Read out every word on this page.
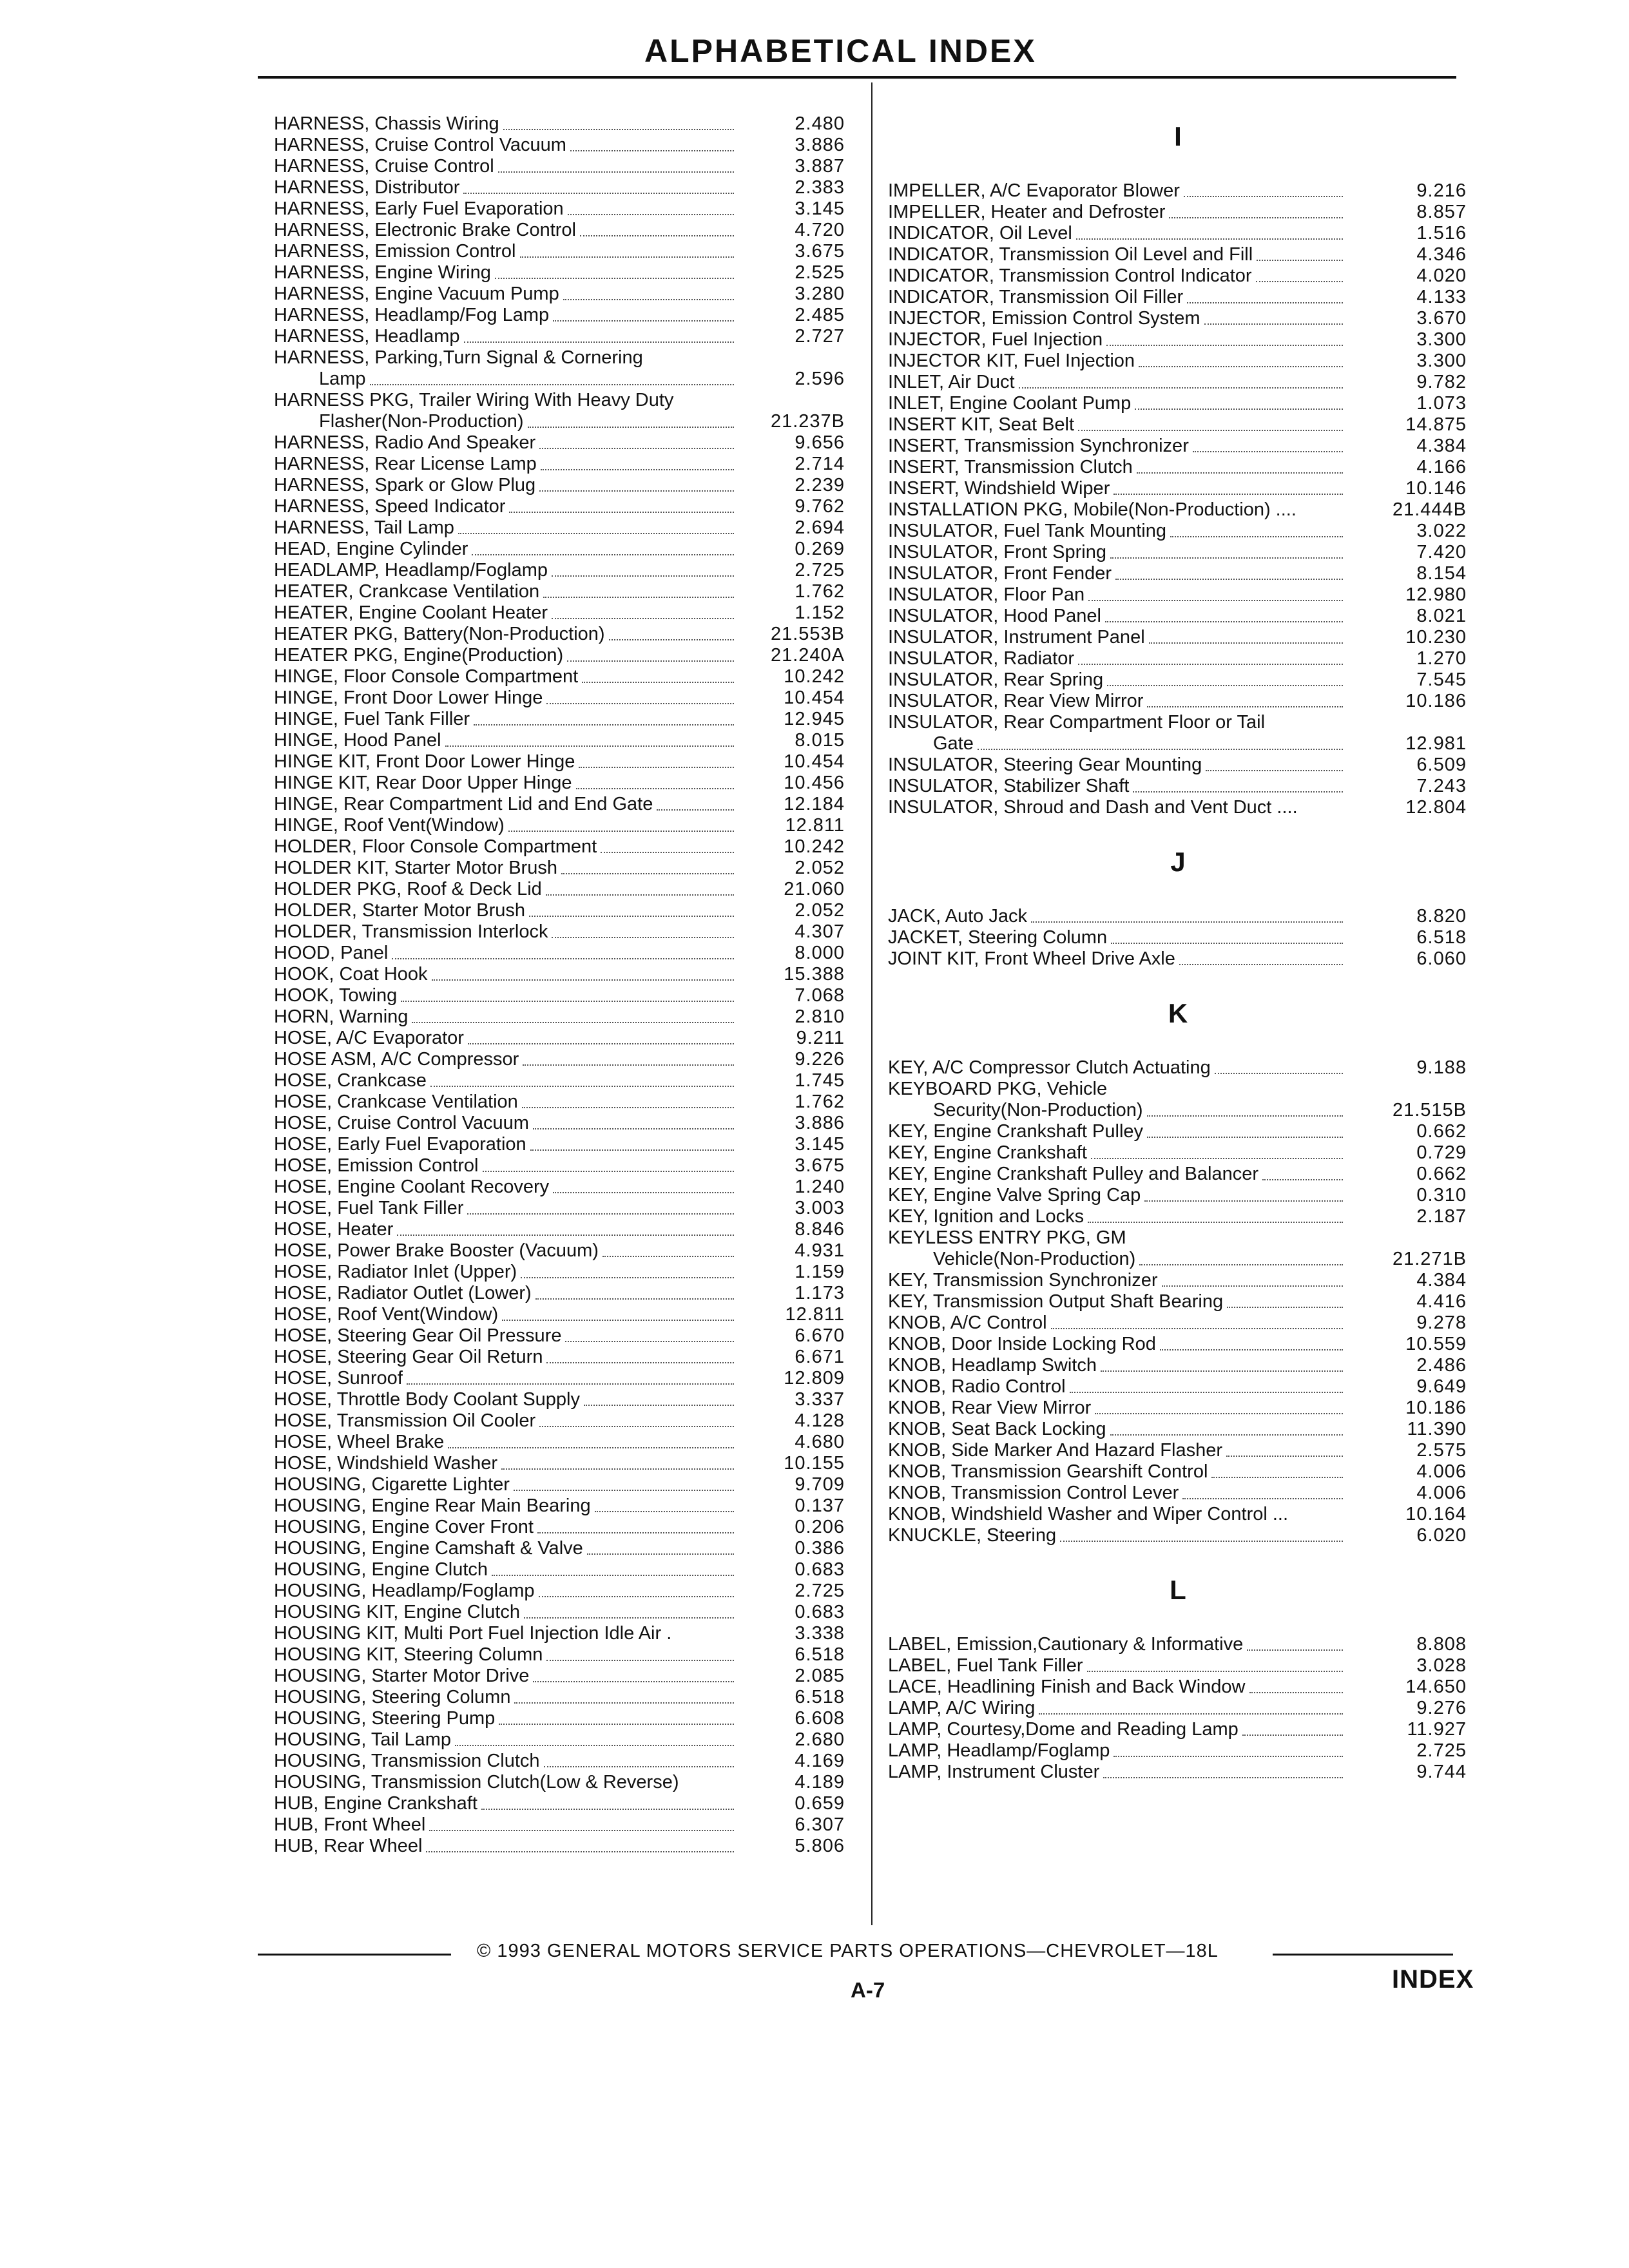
ALPHABETICAL INDEX
HARNESS, Chassis Wiring	2.480
HARNESS, Cruise Control Vacuum	3.886
HARNESS, Cruise Control	3.887
HARNESS, Distributor	2.383
HARNESS, Early Fuel Evaporation	3.145
HARNESS, Electronic Brake Control	4.720
HARNESS, Emission Control	3.675
HARNESS, Engine Wiring	2.525
HARNESS, Engine Vacuum Pump	3.280
HARNESS, Headlamp/Fog Lamp	2.485
HARNESS, Headlamp	2.727
HARNESS, Parking,Turn Signal & Cornering
Lamp	2.596
HARNESS PKG, Trailer Wiring With Heavy Duty
Flasher(Non-Production)	21.237B
HARNESS, Radio And Speaker	9.656
HARNESS, Rear License Lamp	2.714
HARNESS, Spark or Glow Plug	2.239
HARNESS, Speed Indicator	9.762
HARNESS, Tail Lamp	2.694
HEAD, Engine Cylinder	0.269
HEADLAMP, Headlamp/Foglamp	2.725
HEATER, Crankcase Ventilation	1.762
HEATER, Engine Coolant Heater	1.152
HEATER PKG, Battery(Non-Production)	21.553B
HEATER PKG, Engine(Production)	21.240A
HINGE, Floor Console Compartment	10.242
HINGE, Front Door Lower Hinge	10.454
HINGE, Fuel Tank Filler	12.945
HINGE, Hood Panel	8.015
HINGE KIT, Front Door Lower Hinge	10.454
HINGE KIT, Rear Door Upper Hinge	10.456
HINGE, Rear Compartment Lid and End Gate	12.184
HINGE, Roof Vent(Window)	12.811
HOLDER, Floor Console Compartment	10.242
HOLDER KIT, Starter Motor Brush	2.052
HOLDER PKG, Roof & Deck Lid	21.060
HOLDER, Starter Motor Brush	2.052
HOLDER, Transmission Interlock	4.307
HOOD, Panel	8.000
HOOK, Coat Hook	15.388
HOOK, Towing	7.068
HORN, Warning	2.810
HOSE, A/C Evaporator	9.211
HOSE ASM, A/C Compressor	9.226
HOSE, Crankcase	1.745
HOSE, Crankcase Ventilation	1.762
HOSE, Cruise Control Vacuum	3.886
HOSE, Early Fuel Evaporation	3.145
HOSE, Emission Control	3.675
HOSE, Engine Coolant Recovery	1.240
HOSE, Fuel Tank Filler	3.003
HOSE, Heater	8.846
HOSE, Power Brake Booster (Vacuum)	4.931
HOSE, Radiator Inlet (Upper)	1.159
HOSE, Radiator Outlet (Lower)	1.173
HOSE, Roof Vent(Window)	12.811
HOSE, Steering Gear Oil Pressure	6.670
HOSE, Steering Gear Oil Return	6.671
HOSE, Sunroof	12.809
HOSE, Throttle Body Coolant Supply	3.337
HOSE, Transmission Oil Cooler	4.128
HOSE, Wheel Brake	4.680
HOSE, Windshield Washer	10.155
HOUSING, Cigarette Lighter	9.709
HOUSING, Engine Rear Main Bearing	0.137
HOUSING, Engine Cover Front	0.206
HOUSING, Engine Camshaft & Valve	0.386
HOUSING, Engine Clutch	0.683
HOUSING, Headlamp/Foglamp	2.725
HOUSING KIT, Engine Clutch	0.683
HOUSING KIT, Multi Port Fuel Injection Idle Air .	3.338
HOUSING KIT, Steering Column	6.518
HOUSING, Starter Motor Drive	2.085
HOUSING, Steering Column	6.518
HOUSING, Steering Pump	6.608
HOUSING, Tail Lamp	2.680
HOUSING, Transmission Clutch	4.169
HOUSING, Transmission Clutch(Low & Reverse)	4.189
HUB, Engine Crankshaft	0.659
HUB, Front Wheel	6.307
HUB, Rear Wheel	5.806
I
IMPELLER, A/C Evaporator Blower	9.216
IMPELLER, Heater and Defroster	8.857
INDICATOR, Oil Level	1.516
INDICATOR, Transmission Oil Level and Fill	4.346
INDICATOR, Transmission Control Indicator	4.020
INDICATOR, Transmission Oil Filler	4.133
INJECTOR, Emission Control System	3.670
INJECTOR, Fuel Injection	3.300
INJECTOR KIT, Fuel Injection	3.300
INLET, Air Duct	9.782
INLET, Engine Coolant Pump	1.073
INSERT KIT, Seat Belt	14.875
INSERT, Transmission Synchronizer	4.384
INSERT, Transmission Clutch	4.166
INSERT, Windshield Wiper	10.146
INSTALLATION PKG, Mobile(Non-Production) ....	21.444B
INSULATOR, Fuel Tank Mounting	3.022
INSULATOR, Front Spring	7.420
INSULATOR, Front Fender	8.154
INSULATOR, Floor Pan	12.980
INSULATOR, Hood Panel	8.021
INSULATOR, Instrument Panel	10.230
INSULATOR, Radiator	1.270
INSULATOR, Rear Spring	7.545
INSULATOR, Rear View Mirror	10.186
INSULATOR, Rear Compartment Floor or Tail
Gate	12.981
INSULATOR, Steering Gear Mounting	6.509
INSULATOR, Stabilizer Shaft	7.243
INSULATOR, Shroud and Dash and Vent Duct ....	12.804
J
JACK, Auto Jack	8.820
JACKET, Steering Column	6.518
JOINT KIT, Front Wheel Drive Axle	6.060
K
KEY, A/C Compressor Clutch Actuating	9.188
KEYBOARD PKG, Vehicle
Security(Non-Production)	21.515B
KEY, Engine Crankshaft Pulley	0.662
KEY, Engine Crankshaft	0.729
KEY, Engine Crankshaft Pulley and Balancer	0.662
KEY, Engine Valve Spring Cap	0.310
KEY, Ignition and Locks	2.187
KEYLESS ENTRY PKG, GM
Vehicle(Non-Production)	21.271B
KEY, Transmission Synchronizer	4.384
KEY, Transmission Output Shaft Bearing	4.416
KNOB, A/C Control	9.278
KNOB, Door Inside Locking Rod	10.559
KNOB, Headlamp Switch	2.486
KNOB, Radio Control	9.649
KNOB, Rear View Mirror	10.186
KNOB, Seat Back Locking	11.390
KNOB, Side Marker And Hazard Flasher	2.575
KNOB, Transmission Gearshift Control	4.006
KNOB, Transmission Control Lever	4.006
KNOB, Windshield Washer and Wiper Control ...	10.164
KNUCKLE, Steering	6.020
L
LABEL, Emission,Cautionary & Informative	8.808
LABEL, Fuel Tank Filler	3.028
LACE, Headlining Finish and Back Window	14.650
LAMP, A/C Wiring	9.276
LAMP, Courtesy,Dome and Reading Lamp	11.927
LAMP, Headlamp/Foglamp	2.725
LAMP, Instrument Cluster	9.744
© 1993 GENERAL MOTORS SERVICE PARTS OPERATIONS—CHEVROLET—18L
A-7	INDEX
